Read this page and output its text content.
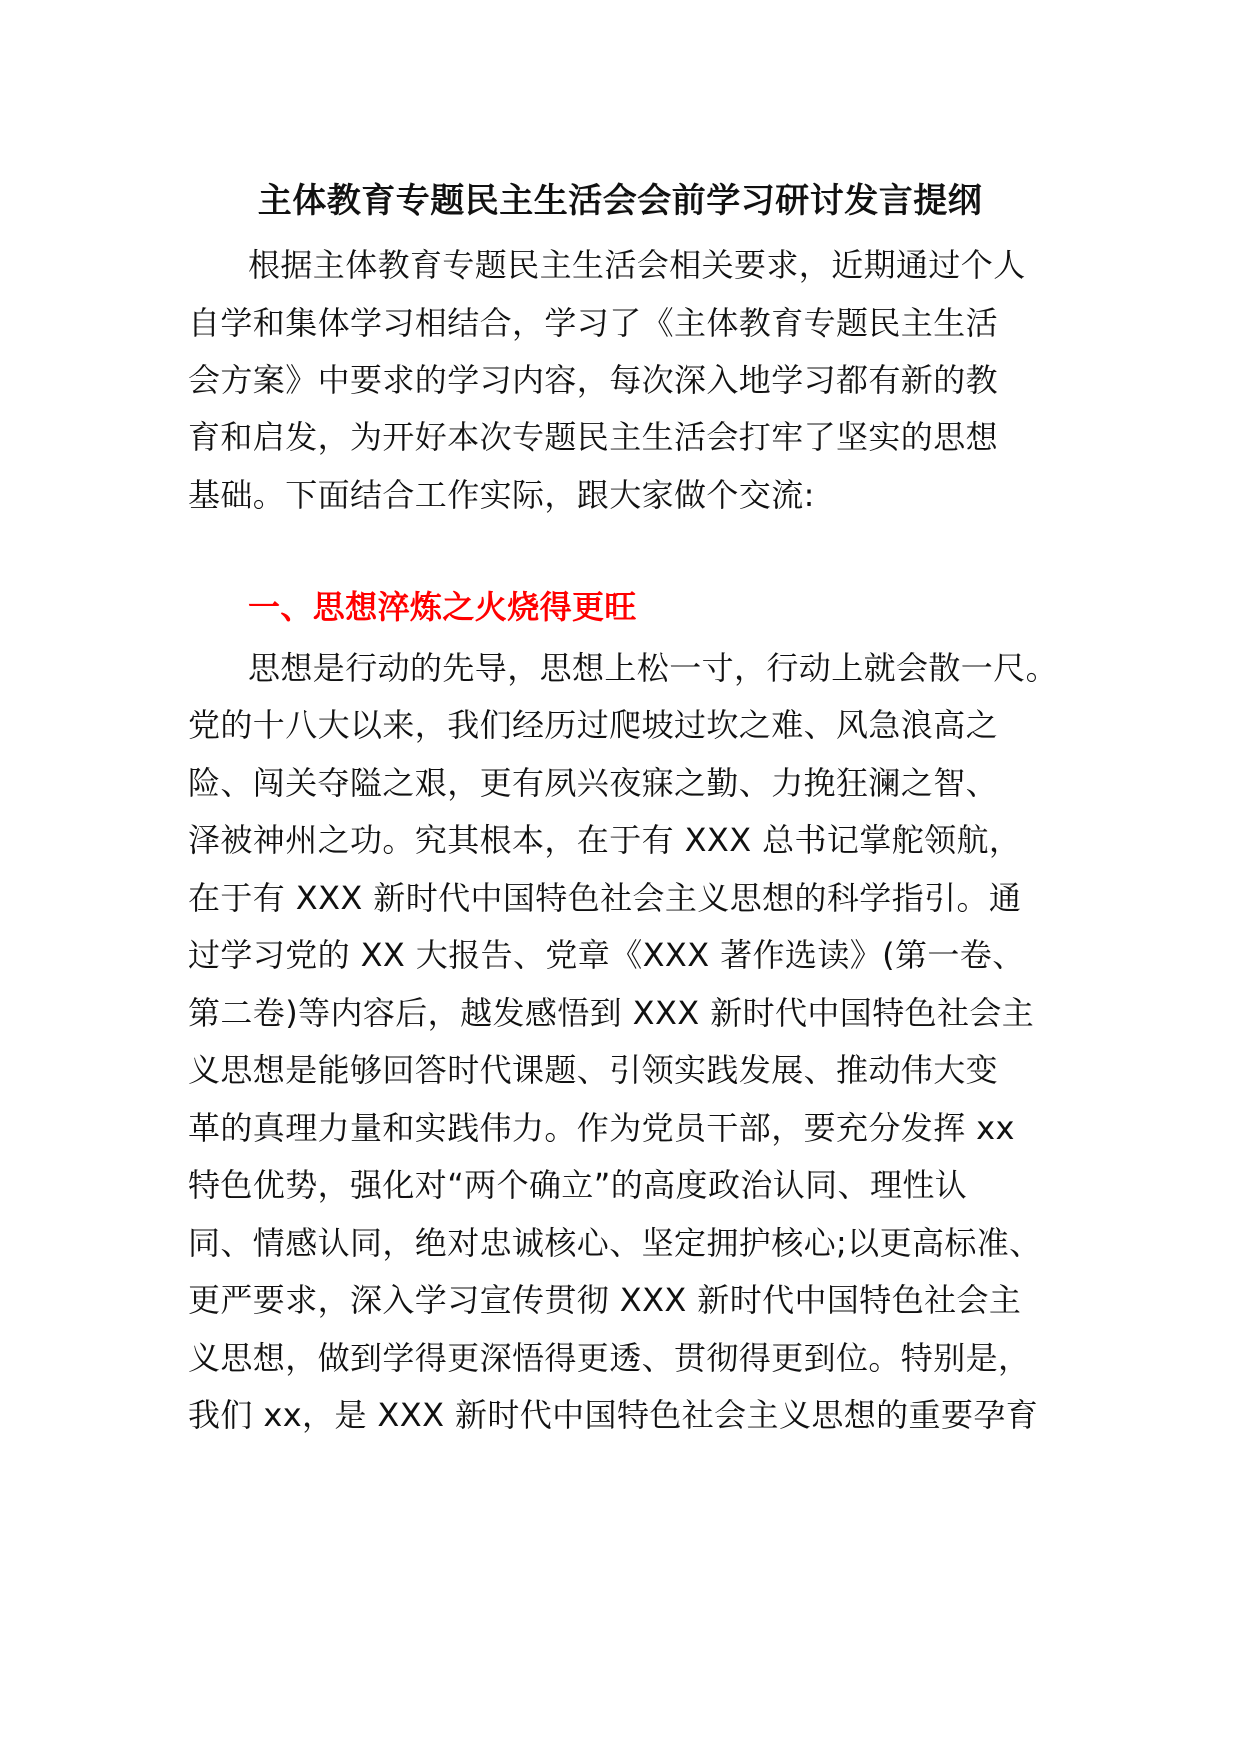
主体教育专题民主生活会会前学习研讨发言提纲
根据主体教育专题民主生活会相关要求，近期通过个人
自学和集体学习相结合，学习了《主体教育专题民主生活
会方案》中要求的学习内容，每次深入地学习都有新的教
育和启发，为开好本次专题民主生活会打牢了坚实的思想
基础。下面结合工作实际，跟大家做个交流:
一、思想淬炼之火烧得更旺
思想是行动的先导，思想上松一寸，行动上就会散一尺。
党的十八大以来，我们经历过爬坡过坎之难、风急浪高之
险、闯关夺隘之艰，更有夙兴夜寐之勤、力挽狂澜之智、
泽被神州之功。究其根本，在于有 XXX 总书记掌舵领航，
在于有 XXX 新时代中国特色社会主义思想的科学指引。通
过学习党的 XX 大报告、党章《XXX 著作选读》(第一卷、
第二卷)等内容后，越发感悟到 XXX 新时代中国特色社会主
义思想是能够回答时代课题、引领实践发展、推动伟大变
革的真理力量和实践伟力。作为党员干部，要充分发挥 xx
特色优势，强化对“两个确立”的高度政治认同、理性认
同、情感认同，绝对忠诚核心、坚定拥护核心;以更高标准、
更严要求，深入学习宣传贯彻 XXX 新时代中国特色社会主
义思想，做到学得更深悟得更透、贯彻得更到位。特别是，
我们 xx，是 XXX 新时代中国特色社会主义思想的重要孕育
